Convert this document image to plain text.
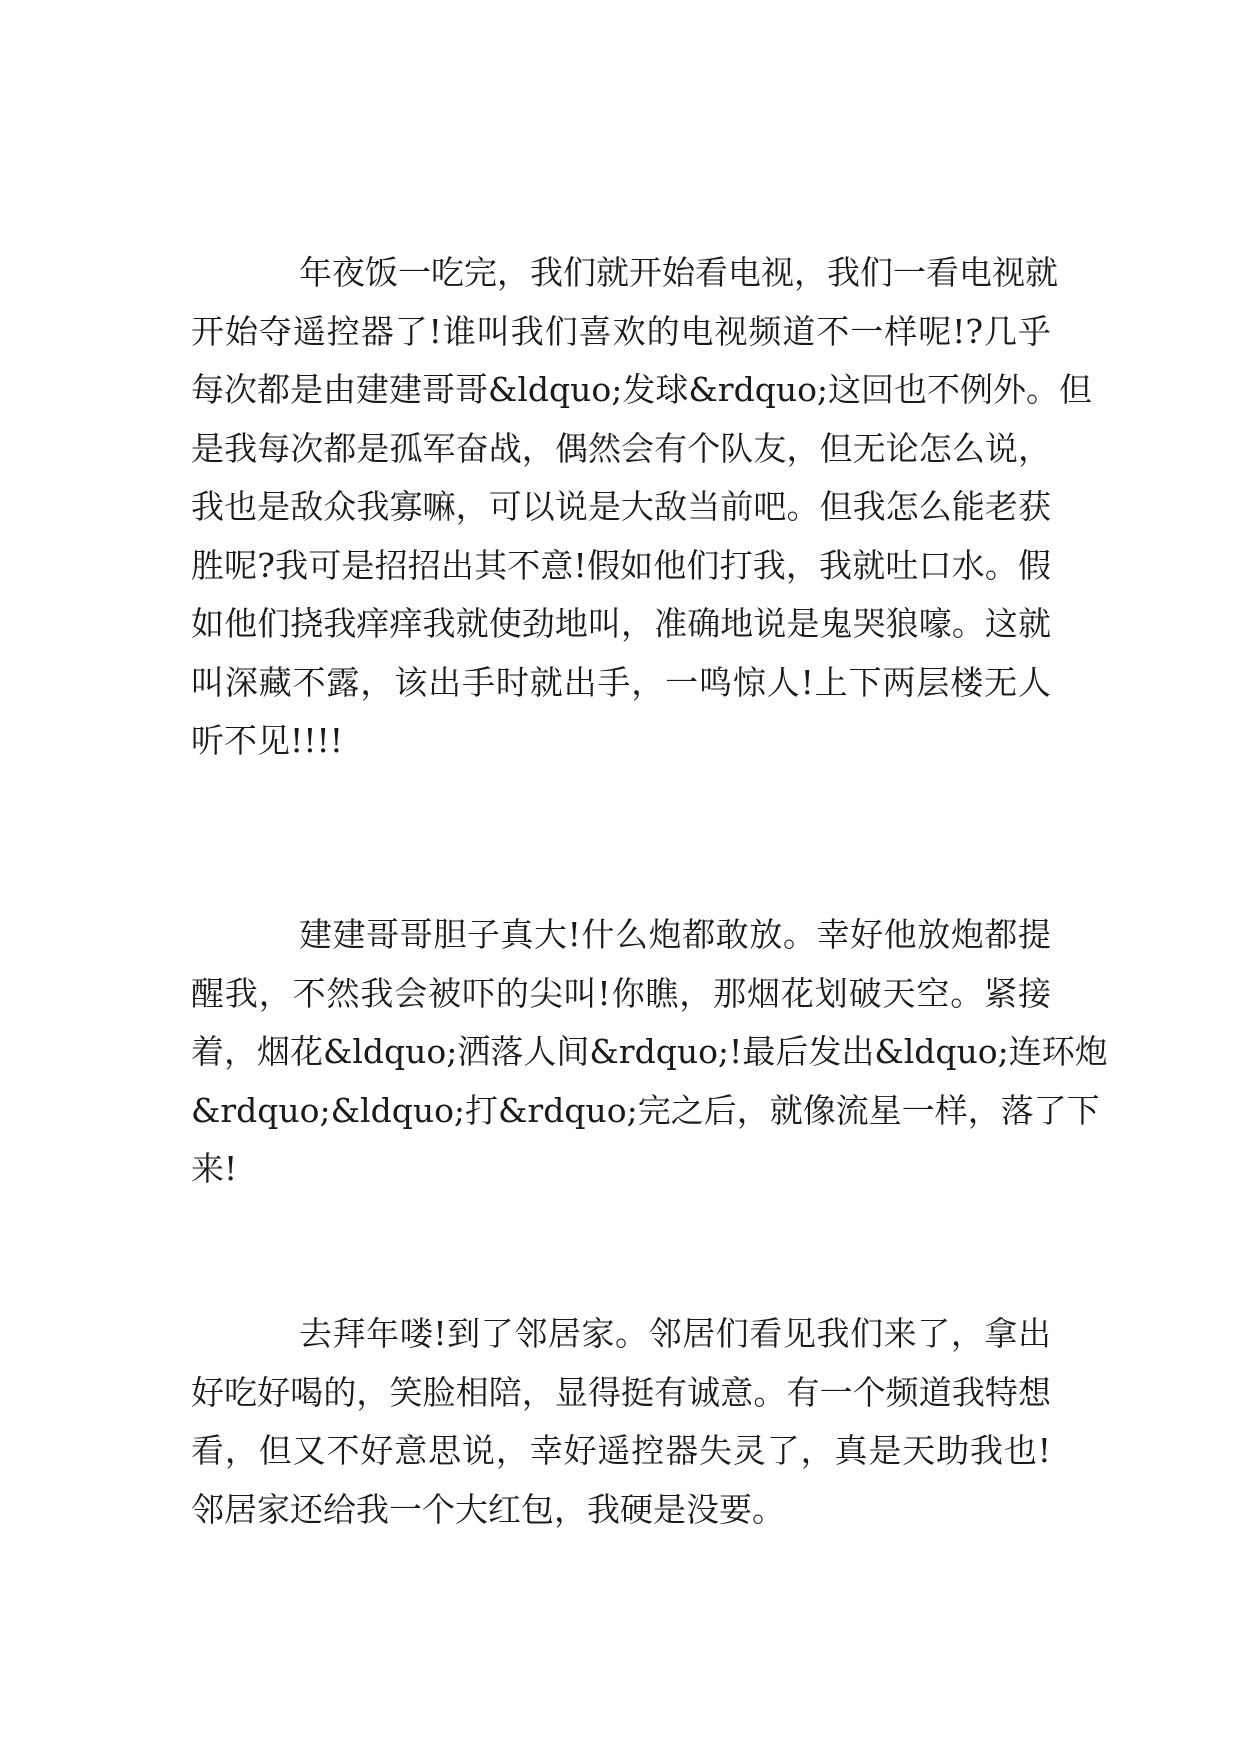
年夜饭一吃完，我们就开始看电视，我们一看电视就
开始夺遥控器了!谁叫我们喜欢的电视频道不一样呢!?几乎
每次都是由建建哥哥&ldquo;发球&rdquo;这回也不例外。但
是我每次都是孤军奋战，偶然会有个队友，但无论怎么说，
我也是敌众我寡嘛，可以说是大敌当前吧。但我怎么能老获
胜呢?我可是招招出其不意!假如他们打我，我就吐口水。假
如他们挠我痒痒我就使劲地叫，准确地说是鬼哭狼嚎。这就
叫深藏不露，该出手时就出手，一鸣惊人!上下两层楼无人
听不见!!!!
建建哥哥胆子真大!什么炮都敢放。幸好他放炮都提
醒我，不然我会被吓的尖叫!你瞧，那烟花划破天空。紧接
着，烟花&ldquo;洒落人间&rdquo;!最后发出&ldquo;连环炮
&rdquo;&ldquo;打&rdquo;完之后，就像流星一样，落了下
来!
去拜年喽!到了邻居家。邻居们看见我们来了，拿出
好吃好喝的，笑脸相陪，显得挺有诚意。有一个频道我特想
看，但又不好意思说，幸好遥控器失灵了，真是天助我也!
邻居家还给我一个大红包，我硬是没要。
